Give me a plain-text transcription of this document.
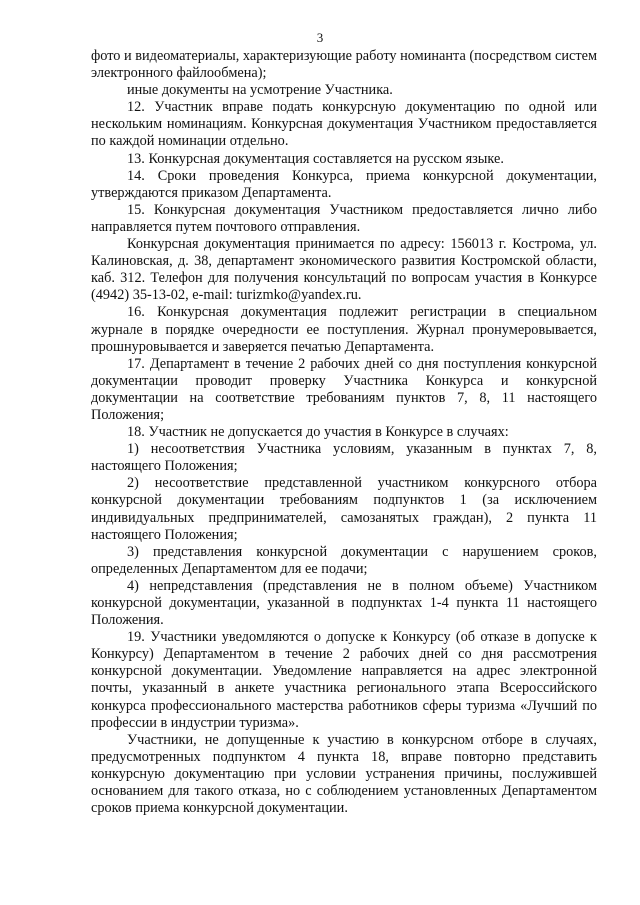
3

фото и видеоматериалы, характеризующие работу номинанта (посредством систем электронного файлообмена);

иные документы на усмотрение Участника.

12. Участник вправе подать конкурсную документацию по одной или нескольким номинациям. Конкурсная документация Участником предоставляется по каждой номинации отдельно.

13. Конкурсная документация составляется на русском языке.

14. Сроки проведения Конкурса, приема конкурсной документации, утверждаются приказом Департамента.

15. Конкурсная документация Участником предоставляется лично либо направляется путем почтового отправления.

Конкурсная документация принимается по адресу: 156013 г. Кострома, ул. Калиновская, д. 38, департамент экономического развития Костромской области, каб. 312. Телефон для получения консультаций по вопросам участия в Конкурсе (4942) 35-13-02, e-mail: turizmko@yandex.ru.

16. Конкурсная документация подлежит регистрации в специальном журнале в порядке очередности ее поступления. Журнал пронумеровывается, прошнуровывается и заверяется печатью Департамента.

17. Департамент в течение 2 рабочих дней со дня поступления конкурсной документации проводит проверку Участника Конкурса и конкурсной документации на соответствие требованиям пунктов 7, 8, 11 настоящего Положения;

18. Участник не допускается до участия в Конкурсе в случаях:

1) несоответствия Участника условиям, указанным в пунктах 7, 8, настоящего Положения;

2) несоответствие представленной участником конкурсного отбора конкурсной документации требованиям подпунктов 1 (за исключением индивидуальных предпринимателей, самозанятых граждан), 2 пункта 11 настоящего Положения;

3) представления конкурсной документации с нарушением сроков, определенных Департаментом для ее подачи;

4) непредставления (представления не в полном объеме) Участником конкурсной документации, указанной в подпунктах 1-4 пункта 11 настоящего Положения.

19. Участники уведомляются о допуске к Конкурсу (об отказе в допуске к Конкурсу) Департаментом в течение 2 рабочих дней со дня рассмотрения конкурсной документации. Уведомление направляется на адрес электронной почты, указанный в анкете участника регионального этапа Всероссийского конкурса профессионального мастерства работников сферы туризма «Лучший по профессии в индустрии туризма».

Участники, не допущенные к участию в конкурсном отборе в случаях, предусмотренных подпунктом 4 пункта 18, вправе повторно представить конкурсную документацию при условии устранения причины, послужившей основанием для такого отказа, но с соблюдением установленных Департаментом сроков приема конкурсной документации.
